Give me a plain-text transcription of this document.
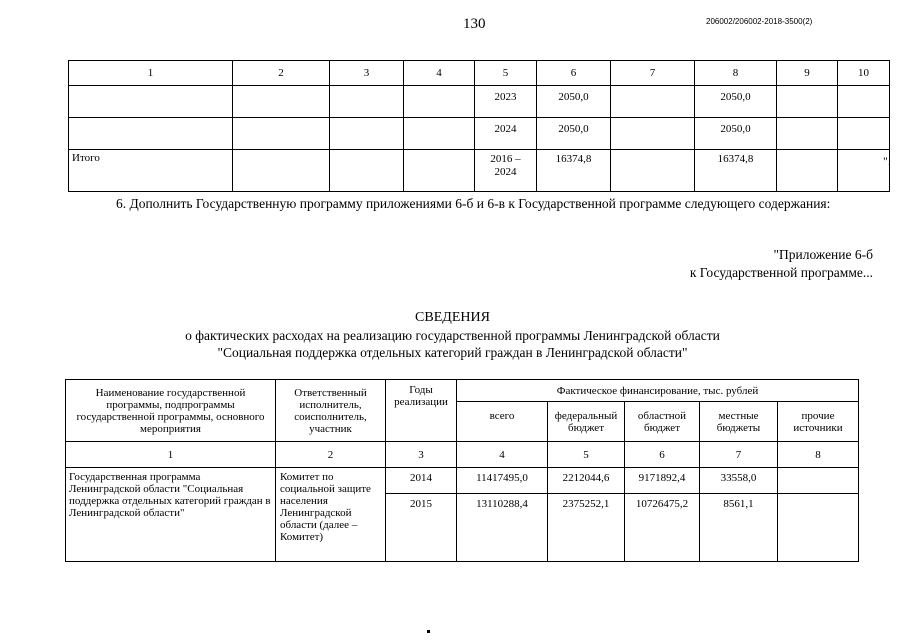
130	206002/206002-2018-3500(2)
1	2	3	4	5	6	7	8	9	10
				2023	2050,0		2050,0		
				2024	2050,0		2050,0		
Итого				2016 – 2024	16374,8		16374,8			".
6. Дополнить Государственную программу приложениями 6-б и 6-в к Государственной программе следующего содержания:
"Приложение 6-б
к Государственной программе...
СВЕДЕНИЯ
о фактических расходах на реализацию государственной программы Ленинградской области
"Социальная поддержка отдельных категорий граждан в Ленинградской области"
Наименование государственной программы, подпрограммы государственной программы, основного мероприятия	Ответственный исполнитель, соисполнитель, участник	Годы реализации	Фактическое финансирование, тыс. рублей				
			всего	федеральный бюджет	областной бюджет	местные бюджеты	прочие источники
1	2	3	4	5	6	7	8
Государственная программа Ленинградской области "Социальная поддержка отдельных категорий граждан в Ленинградской области"	Комитет по социальной защите населения Ленинградской области (далее – Комитет)	2014	11417495,0	2212044,6	9171892,4	33558,0	
		2015	13110288,4	2375252,1	10726475,2	8561,1	
